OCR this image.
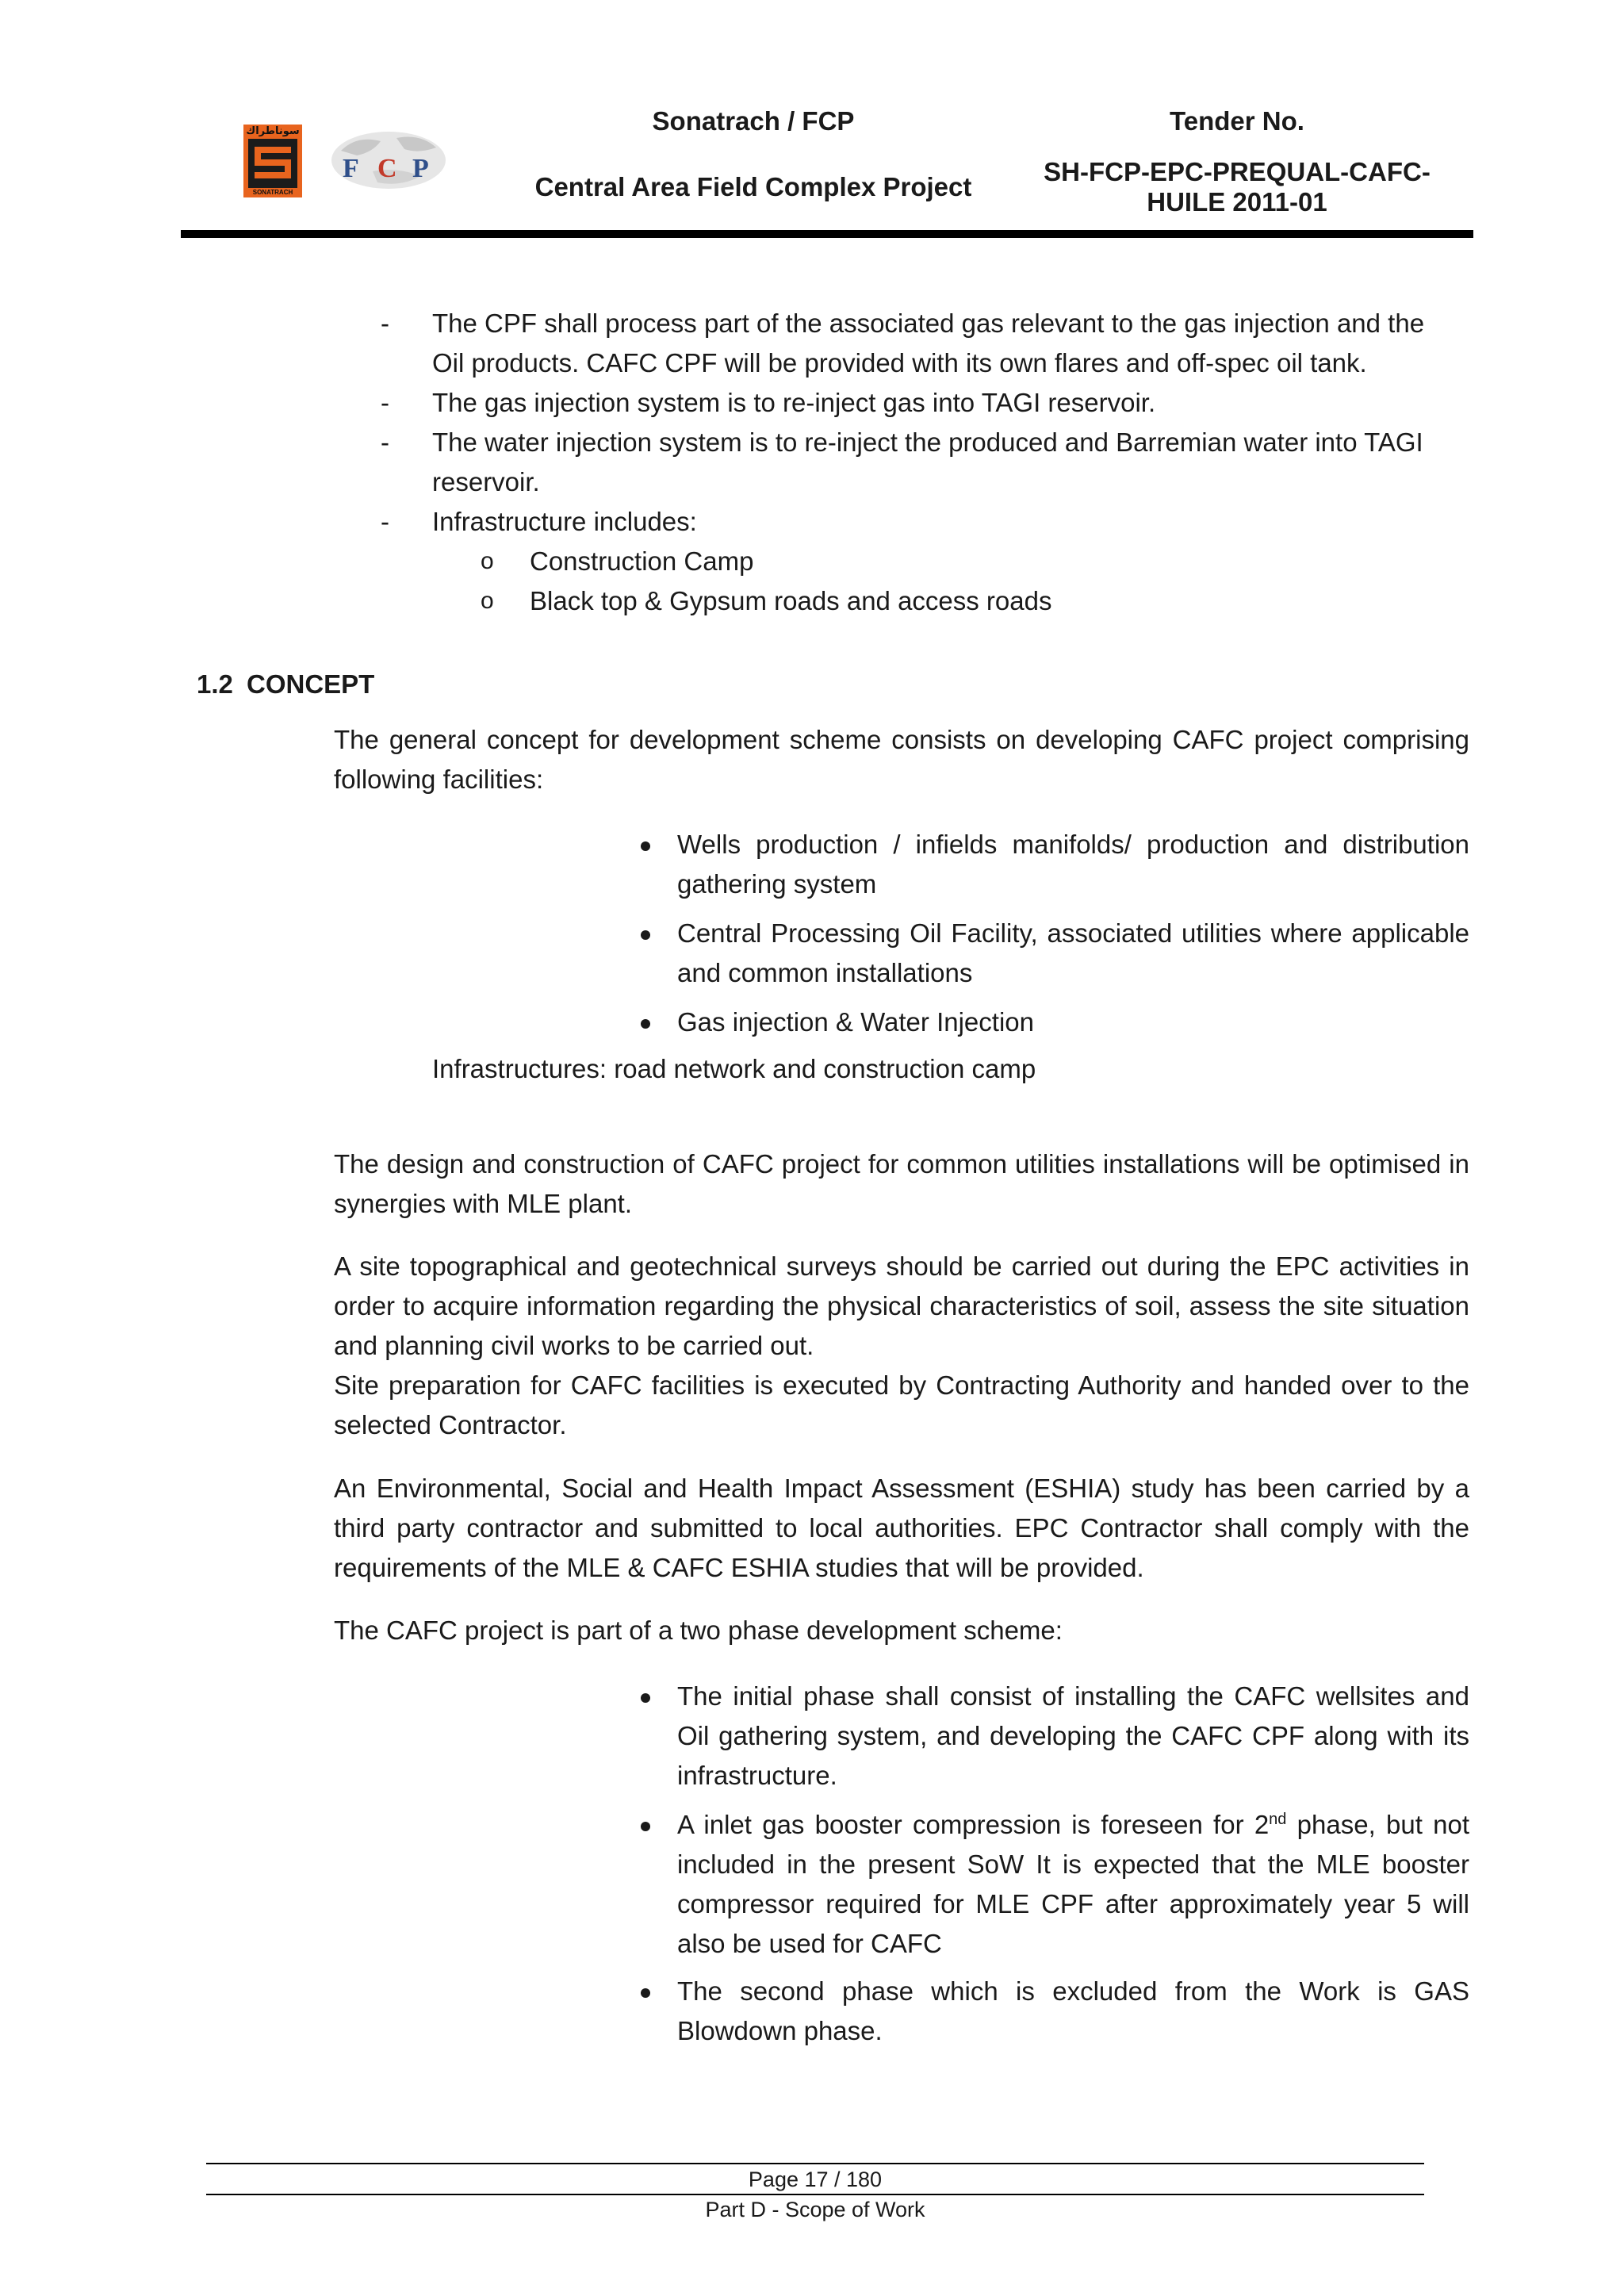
سوناطراك
SONATRACH
F C P
Sonatrach / FCP
Central Area Field Complex Project
Tender No.
SH-FCP-EPC-PREQUAL-CAFC-
HUILE 2011-01
- The CPF shall process part of the associated gas relevant to the gas injection and the
Oil products. CAFC CPF will be provided with its own flares and off-spec oil tank.
- The gas injection system is to re-inject gas into TAGI reservoir.
- The water injection system is to re-inject the produced and Barremian water into TAGI
reservoir.
- Infrastructure includes:
o Construction Camp
o Black top & Gypsum roads and access roads
1.2 CONCEPT
The general concept for development scheme consists on developing CAFC project comprising following facilities:
Wells production / infields manifolds/ production and distribution gathering system
Central Processing Oil Facility, associated utilities where applicable and common installations
Gas injection & Water Injection
Infrastructures: road network and construction camp
The design and construction of CAFC project for common utilities installations will be optimised in synergies with MLE plant.
A site topographical and geotechnical surveys should be carried out during the EPC activities in order to acquire information regarding the physical characteristics of soil, assess the site situation and planning civil works to be carried out.
Site preparation for CAFC facilities is executed by Contracting Authority and handed over to the selected Contractor.
An Environmental, Social and Health Impact Assessment (ESHIA) study has been carried by a third party contractor and submitted to local authorities. EPC Contractor shall comply with the requirements of the MLE & CAFC ESHIA studies that will be provided.
The CAFC project is part of a two phase development scheme:
The initial phase shall consist of installing the CAFC wellsites and Oil gathering system, and developing the CAFC CPF along with its infrastructure.
A inlet gas booster compression is foreseen for 2nd phase, but not included in the present SoW It is expected that the MLE booster compressor required for MLE CPF after approximately year 5 will also be used for CAFC
The second phase which is excluded from the Work is GAS Blowdown phase.
Page 17 / 180
Part D - Scope of Work
